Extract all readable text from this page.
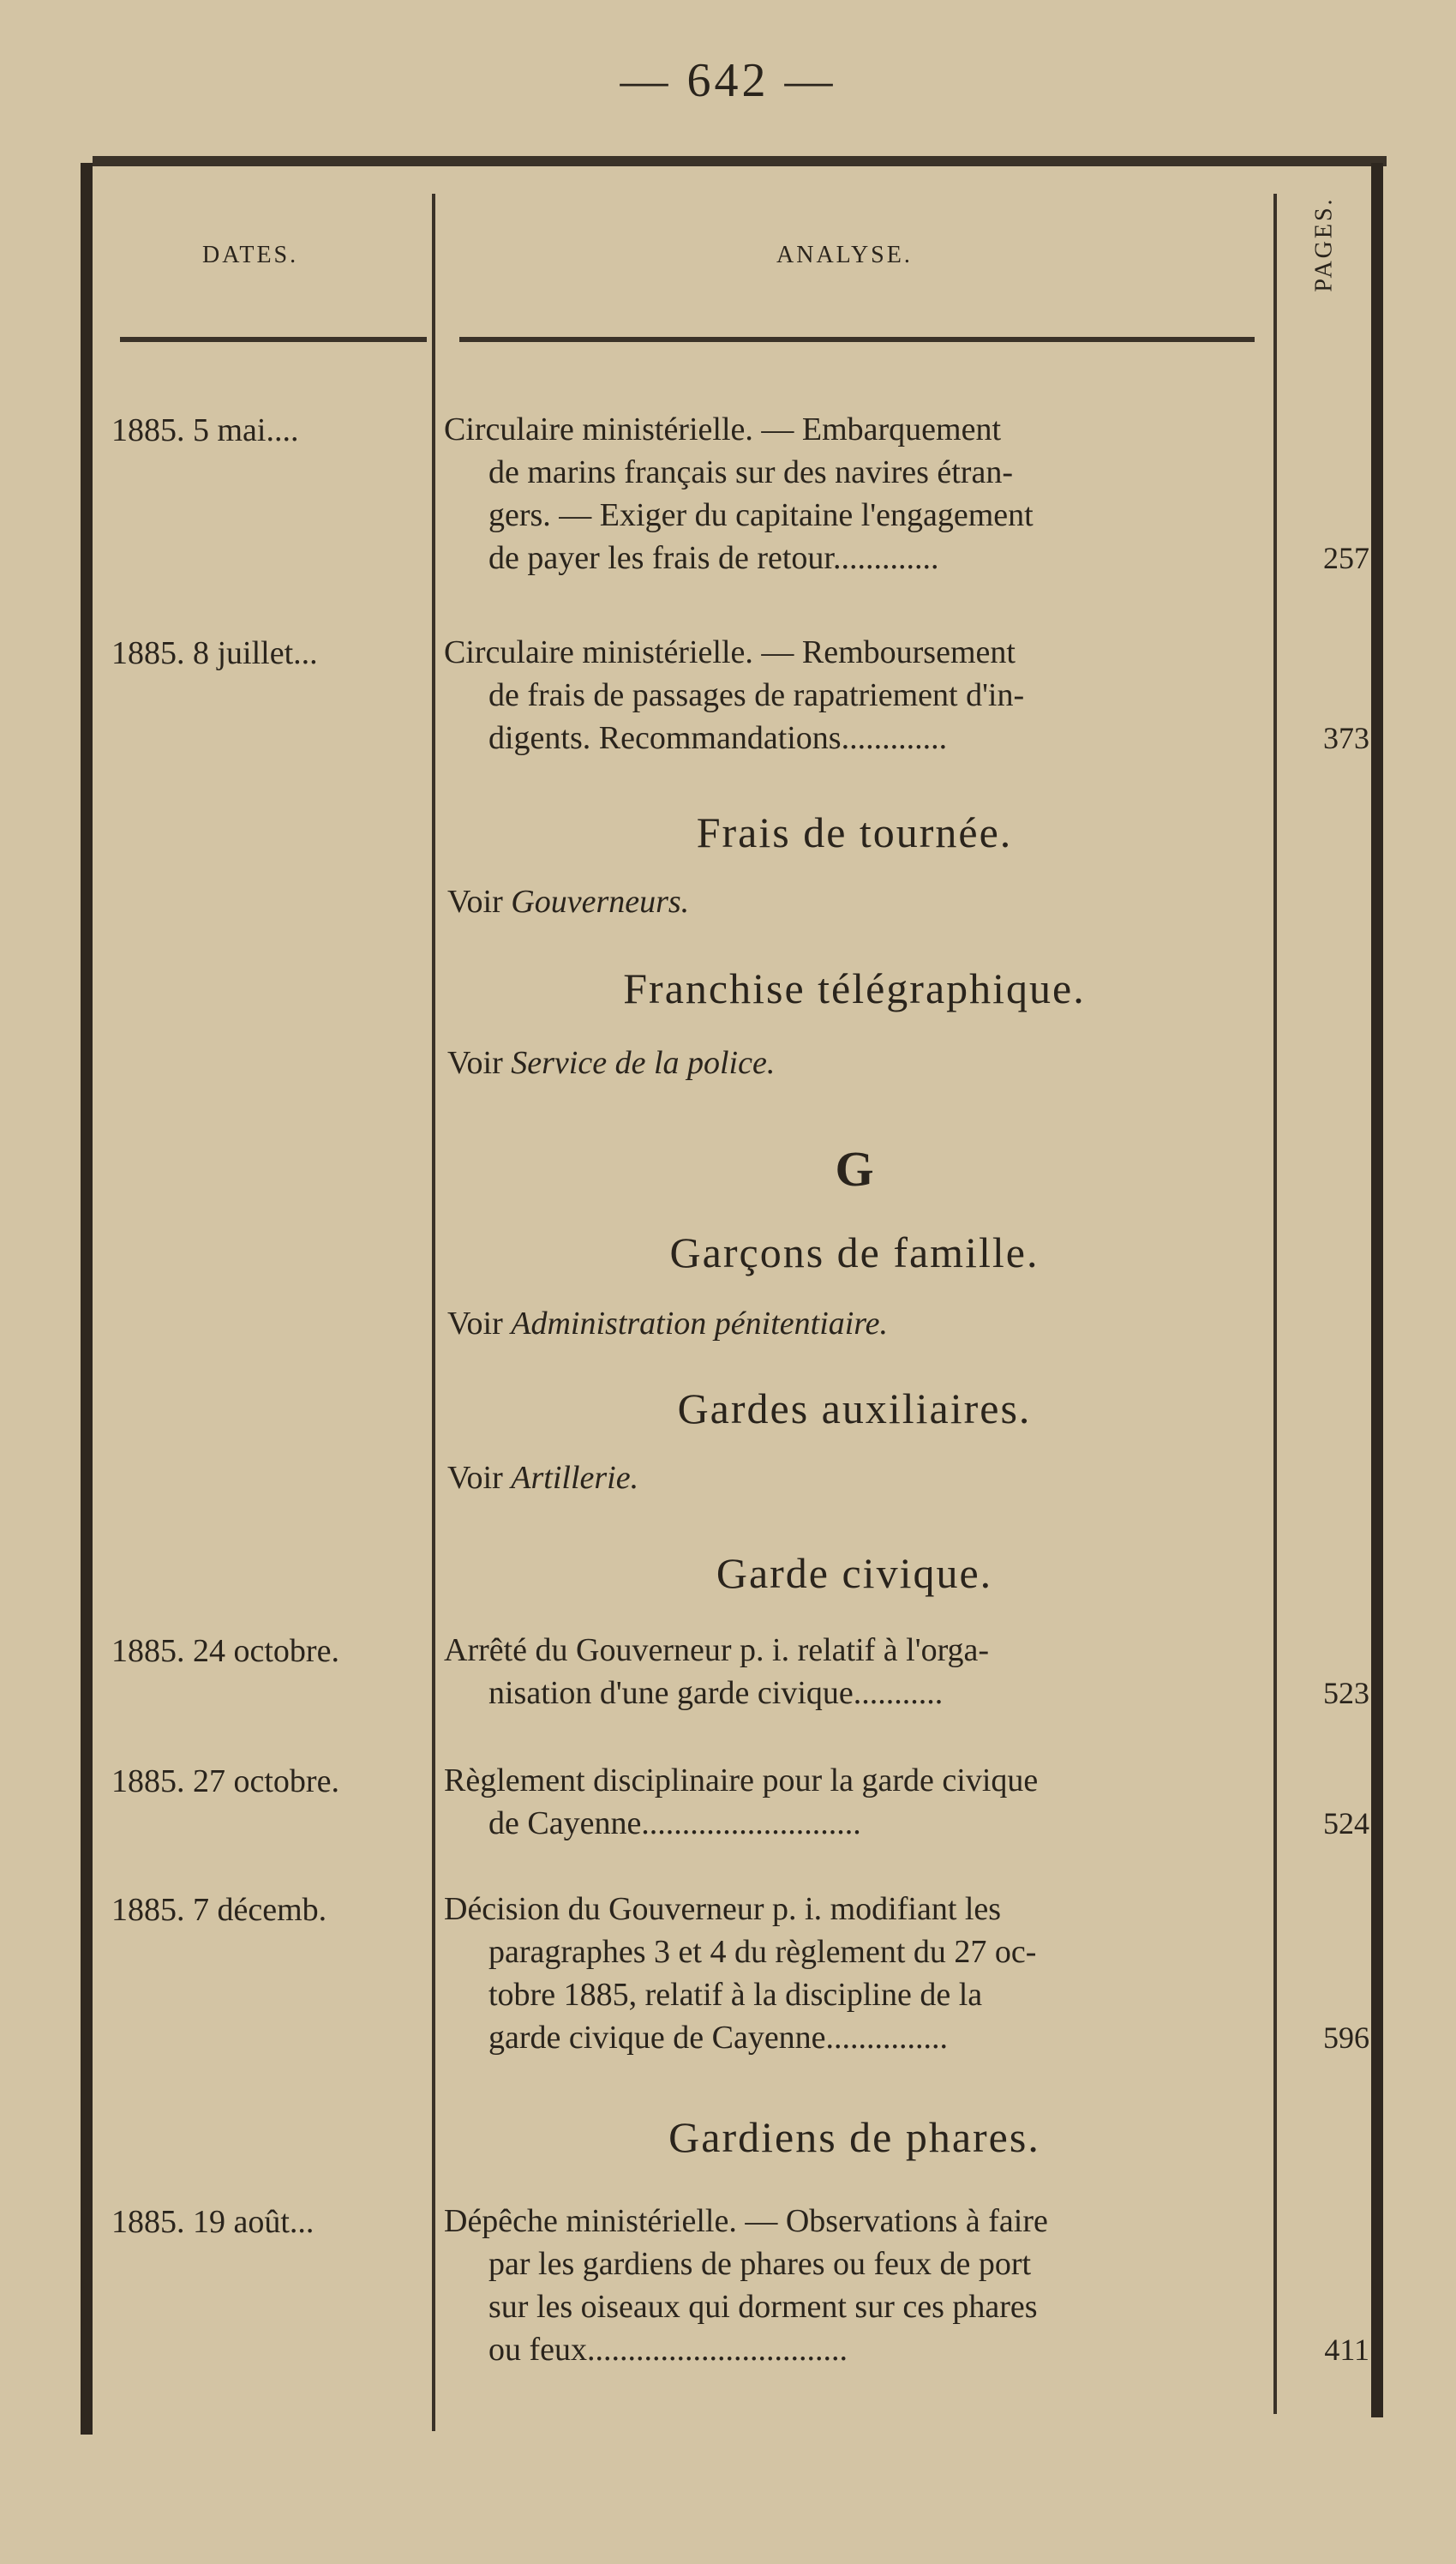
— 642 —
DATES.	ANALYSE.	PAGES.
1885. 5 mai....	Circulaire ministérielle. — Embarquement
de marins français sur des navires étran-
gers. — Exiger du capitaine l'engagement
de payer les frais de retour.............	257
1885. 8 juillet...	Circulaire ministérielle. — Remboursement
de frais de passages de rapatriement d'in-
digents. Recommandations.............	373
Frais de tournée.
Voir Gouverneurs.
Franchise télégraphique.
Voir Service de la police.
G
Garçons de famille.
Voir Administration pénitentiaire.
Gardes auxiliaires.
Voir Artillerie.
Garde civique.
1885. 24 octobre.	Arrêté du Gouverneur p. i. relatif à l'orga-
nisation d'une garde civique...........	523
1885. 27 octobre.	Règlement disciplinaire pour la garde civique
de Cayenne...........................	524
1885. 7 décemb.	Décision du Gouverneur p. i. modifiant les
paragraphes 3 et 4 du règlement du 27 oc-
tobre 1885, relatif à la discipline de la
garde civique de Cayenne...............	596
Gardiens de phares.
1885. 19 août...	Dépêche ministérielle. — Observations à faire
par les gardiens de phares ou feux de port
sur les oiseaux qui dorment sur ces phares
ou feux................................	411
